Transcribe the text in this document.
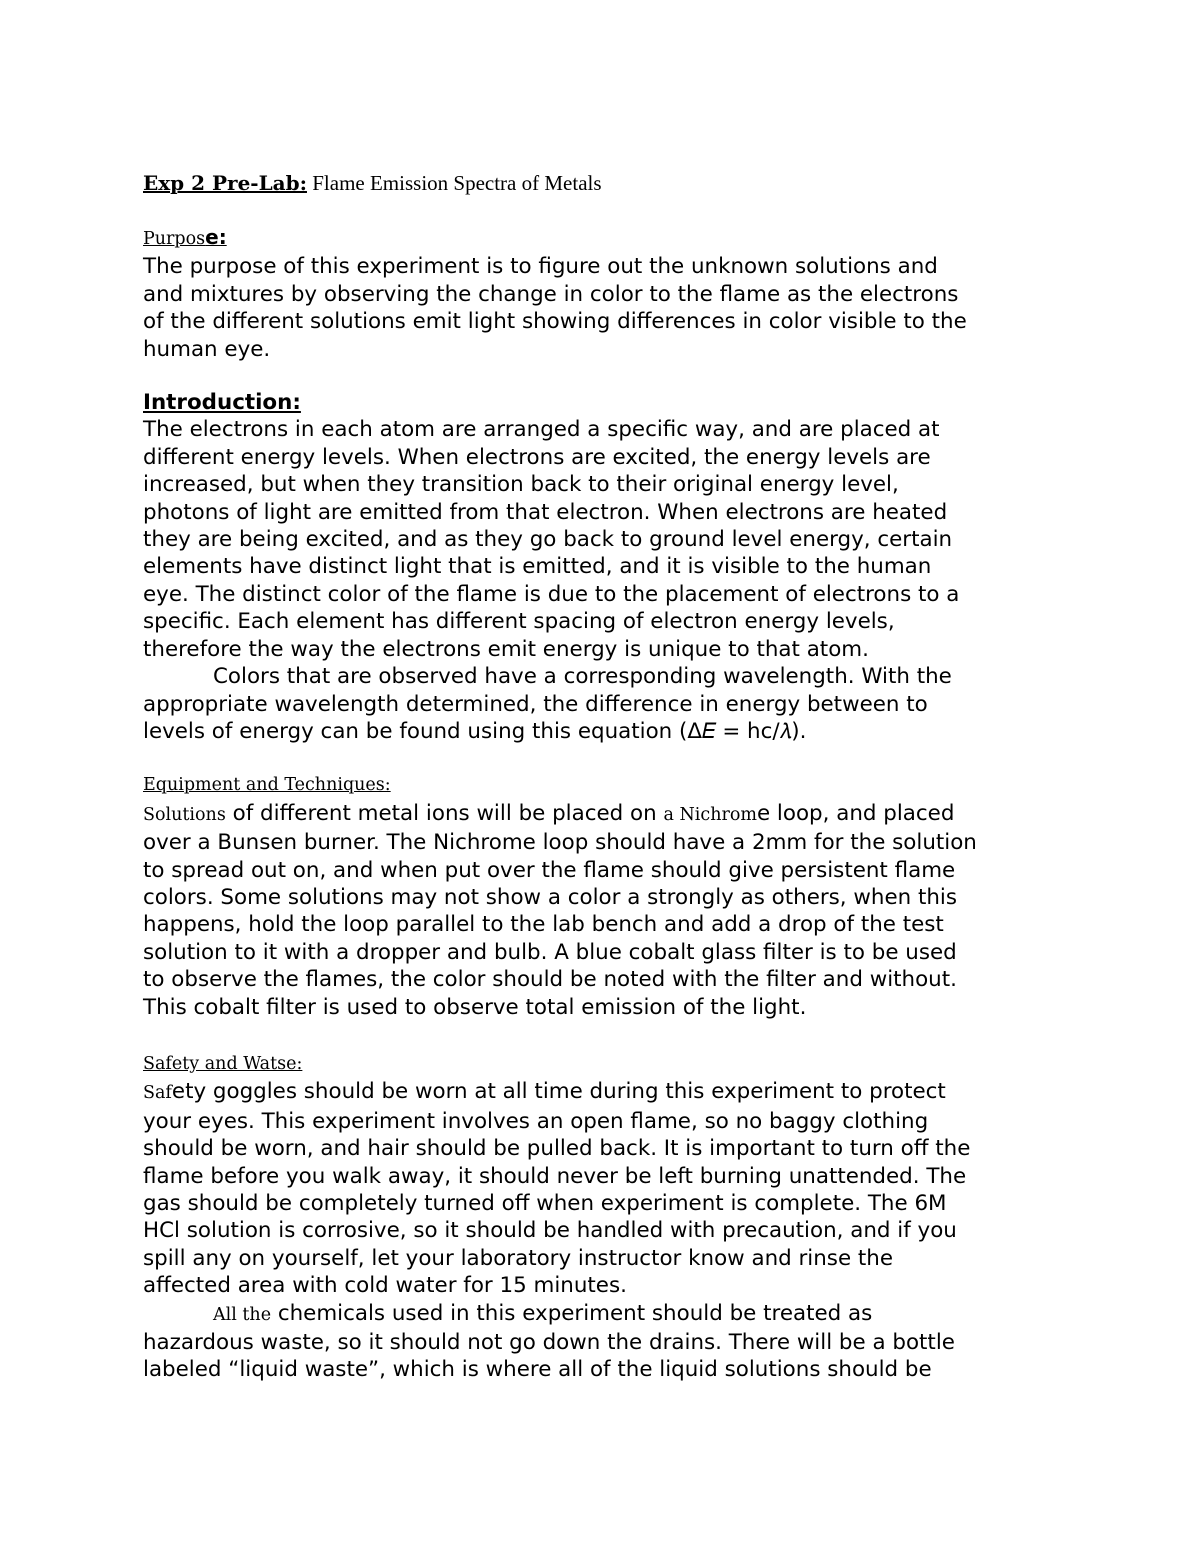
Exp 2 Pre-Lab: Flame Emission Spectra of Metals

Purpose:

The purpose of this experiment is to figure out the unknown solutions and
and mixtures by observing the change in color to the flame as the electrons
of the different solutions emit light showing differences in color visible to the
human eye.

Introduction:

The electrons in each atom are arranged a specific way, and are placed at
different energy levels. When electrons are excited, the energy levels are
increased, but when they transition back to their original energy level,
photons of light are emitted from that electron. When electrons are heated
they are being excited, and as they go back to ground level energy, certain
elements have distinct light that is emitted, and it is visible to the human
eye. The distinct color of the flame is due to the placement of electrons to a
specific. Each element has different spacing of electron energy levels,
therefore the way the electrons emit energy is unique to that atom.
Colors that are observed have a corresponding wavelength. With the
appropriate wavelength determined, the difference in energy between to
levels of energy can be found using this equation (Δ𝐸 = hc/𝜆).

Equipment and Techniques:

Solutions of different metal ions will be placed on a Nichrome loop, and placed
over a Bunsen burner. The Nichrome loop should have a 2mm for the solution
to spread out on, and when put over the flame should give persistent flame
colors. Some solutions may not show a color a strongly as others, when this
happens, hold the loop parallel to the lab bench and add a drop of the test
solution to it with a dropper and bulb. A blue cobalt glass filter is to be used
to observe the flames, the color should be noted with the filter and without.
This cobalt filter is used to observe total emission of the light.

Safety and Watse:

Safety goggles should be worn at all time during this experiment to protect
your eyes. This experiment involves an open flame, so no baggy clothing
should be worn, and hair should be pulled back. It is important to turn off the
flame before you walk away, it should never be left burning unattended. The
gas should be completely turned off when experiment is complete. The 6M
HCl solution is corrosive, so it should be handled with precaution, and if you
spill any on yourself, let your laboratory instructor know and rinse the
affected area with cold water for 15 minutes.
All the chemicals used in this experiment should be treated as
hazardous waste, so it should not go down the drains. There will be a bottle
labeled “liquid waste”, which is where all of the liquid solutions should be
